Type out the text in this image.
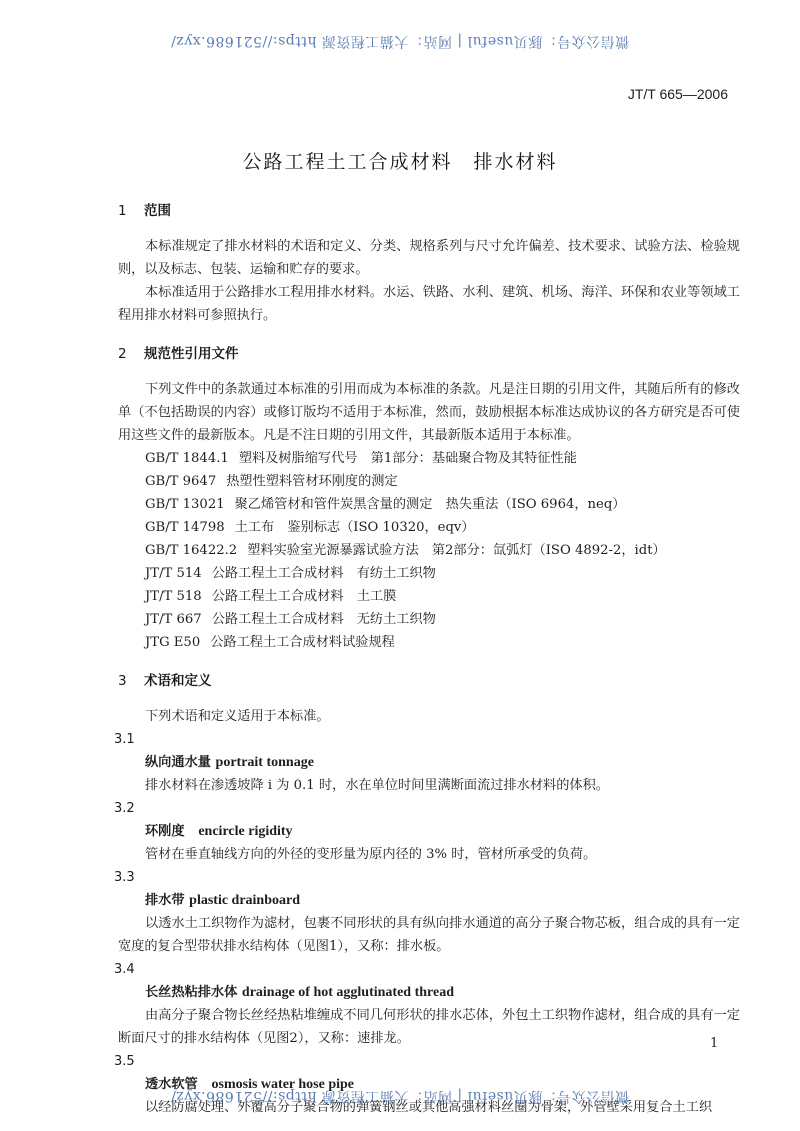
微信公众号：豚贝useful | 网站：大猫工程资源 https://521686.xyz/
JT/T 665—2006
公路工程土工合成材料　排水材料
1 范围

本标准规定了排水材料的术语和定义、分类、规格系列与尺寸允许偏差、技术要求、试验方法、检验规则，以及标志、包装、运输和贮存的要求。

本标准适用于公路排水工程用排水材料。水运、铁路、水利、建筑、机场、海洋、环保和农业等领域工程用排水材料可参照执行。

2 规范性引用文件

下列文件中的条款通过本标准的引用而成为本标准的条款。凡是注日期的引用文件，其随后所有的修改单（不包括勘误的内容）或修订版均不适用于本标准，然而，鼓励根据本标准达成协议的各方研究是否可使用这些文件的最新版本。凡是不注日期的引用文件，其最新版本适用于本标准。

GB/T 1844.1 塑料及树脂缩写代号　第1部分：基础聚合物及其特征性能
GB/T 9647 热塑性塑料管材环刚度的测定
GB/T 13021 聚乙烯管材和管件炭黑含量的测定　热失重法（ISO 6964，neq）
GB/T 14798 土工布　鉴别标志（ISO 10320，eqv）
GB/T 16422.2 塑料实验室光源暴露试验方法　第2部分：氙弧灯（ISO 4892-2，idt）
JT/T 514 公路工程土工合成材料　有纺土工织物
JT/T 518 公路工程土工合成材料　土工膜
JT/T 667 公路工程土工合成材料　无纺土工织物
JTG E50 公路工程土工合成材料试验规程
3 术语和定义

下列术语和定义适用于本标准。

3.1
纵向通水量 portrait tonnage

排水材料在渗透坡降 i 为 0.1 时，水在单位时间里满断面流过排水材料的体积。

3.2
环刚度 encircle rigidity

管材在垂直轴线方向的外径的变形量为原内径的 3% 时，管材所承受的负荷。

3.3
排水带 plastic drainboard

以透水土工织物作为滤材，包裹不同形状的具有纵向排水通道的高分子聚合物芯板，组合成的具有一定宽度的复合型带状排水结构体（见图1），又称：排水板。

3.4
长丝热粘排水体 drainage of hot agglutinated thread

由高分子聚合物长丝经热粘堆缠成不同几何形状的排水芯体，外包土工织物作滤材，组合成的具有一定断面尺寸的排水结构体（见图2），又称：速排龙。

3.5
透水软管 osmosis water hose pipe

以经防腐处理、外覆高分子聚合物的弹簧钢丝或其他高强材料丝圈为骨架，外管壁采用复合土工织

1
微信公众号：豚贝useful | 网站：大猫工程资源 https://521686.xyz/
